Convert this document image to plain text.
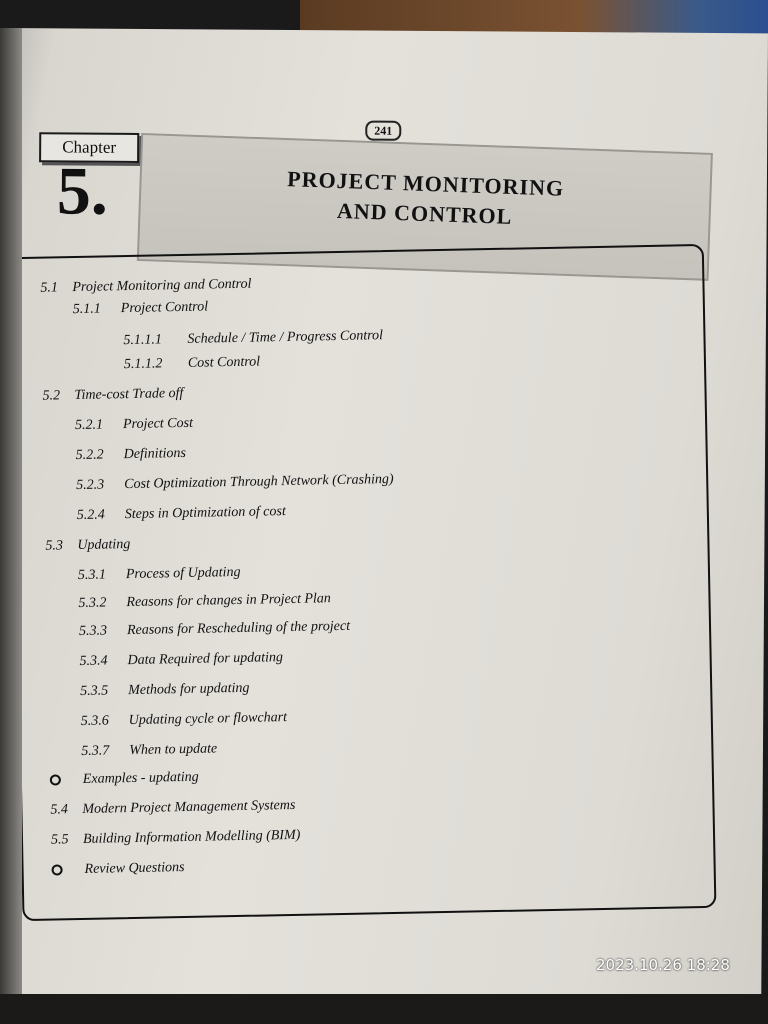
241
Chapter
5.	PROJECT MONITORING
AND CONTROL
5.1 Project Monitoring and Control
5.1.1 Project Control
5.1.1.1 Schedule / Time / Progress Control
5.1.1.2 Cost Control
5.2 Time-cost Trade off
5.2.1 Project Cost
5.2.2 Definitions
5.2.3 Cost Optimization Through Network (Crashing)
5.2.4 Steps in Optimization of cost
5.3 Updating
5.3.1 Process of Updating
5.3.2 Reasons for changes in Project Plan
5.3.3 Reasons for Rescheduling of the project
5.3.4 Data Required for updating
5.3.5 Methods for updating
5.3.6 Updating cycle or flowchart
5.3.7 When to update
Examples - updating
5.4 Modern Project Management Systems
5.5 Building Information Modelling (BIM)
Review Questions
2023.10.26 18:28
